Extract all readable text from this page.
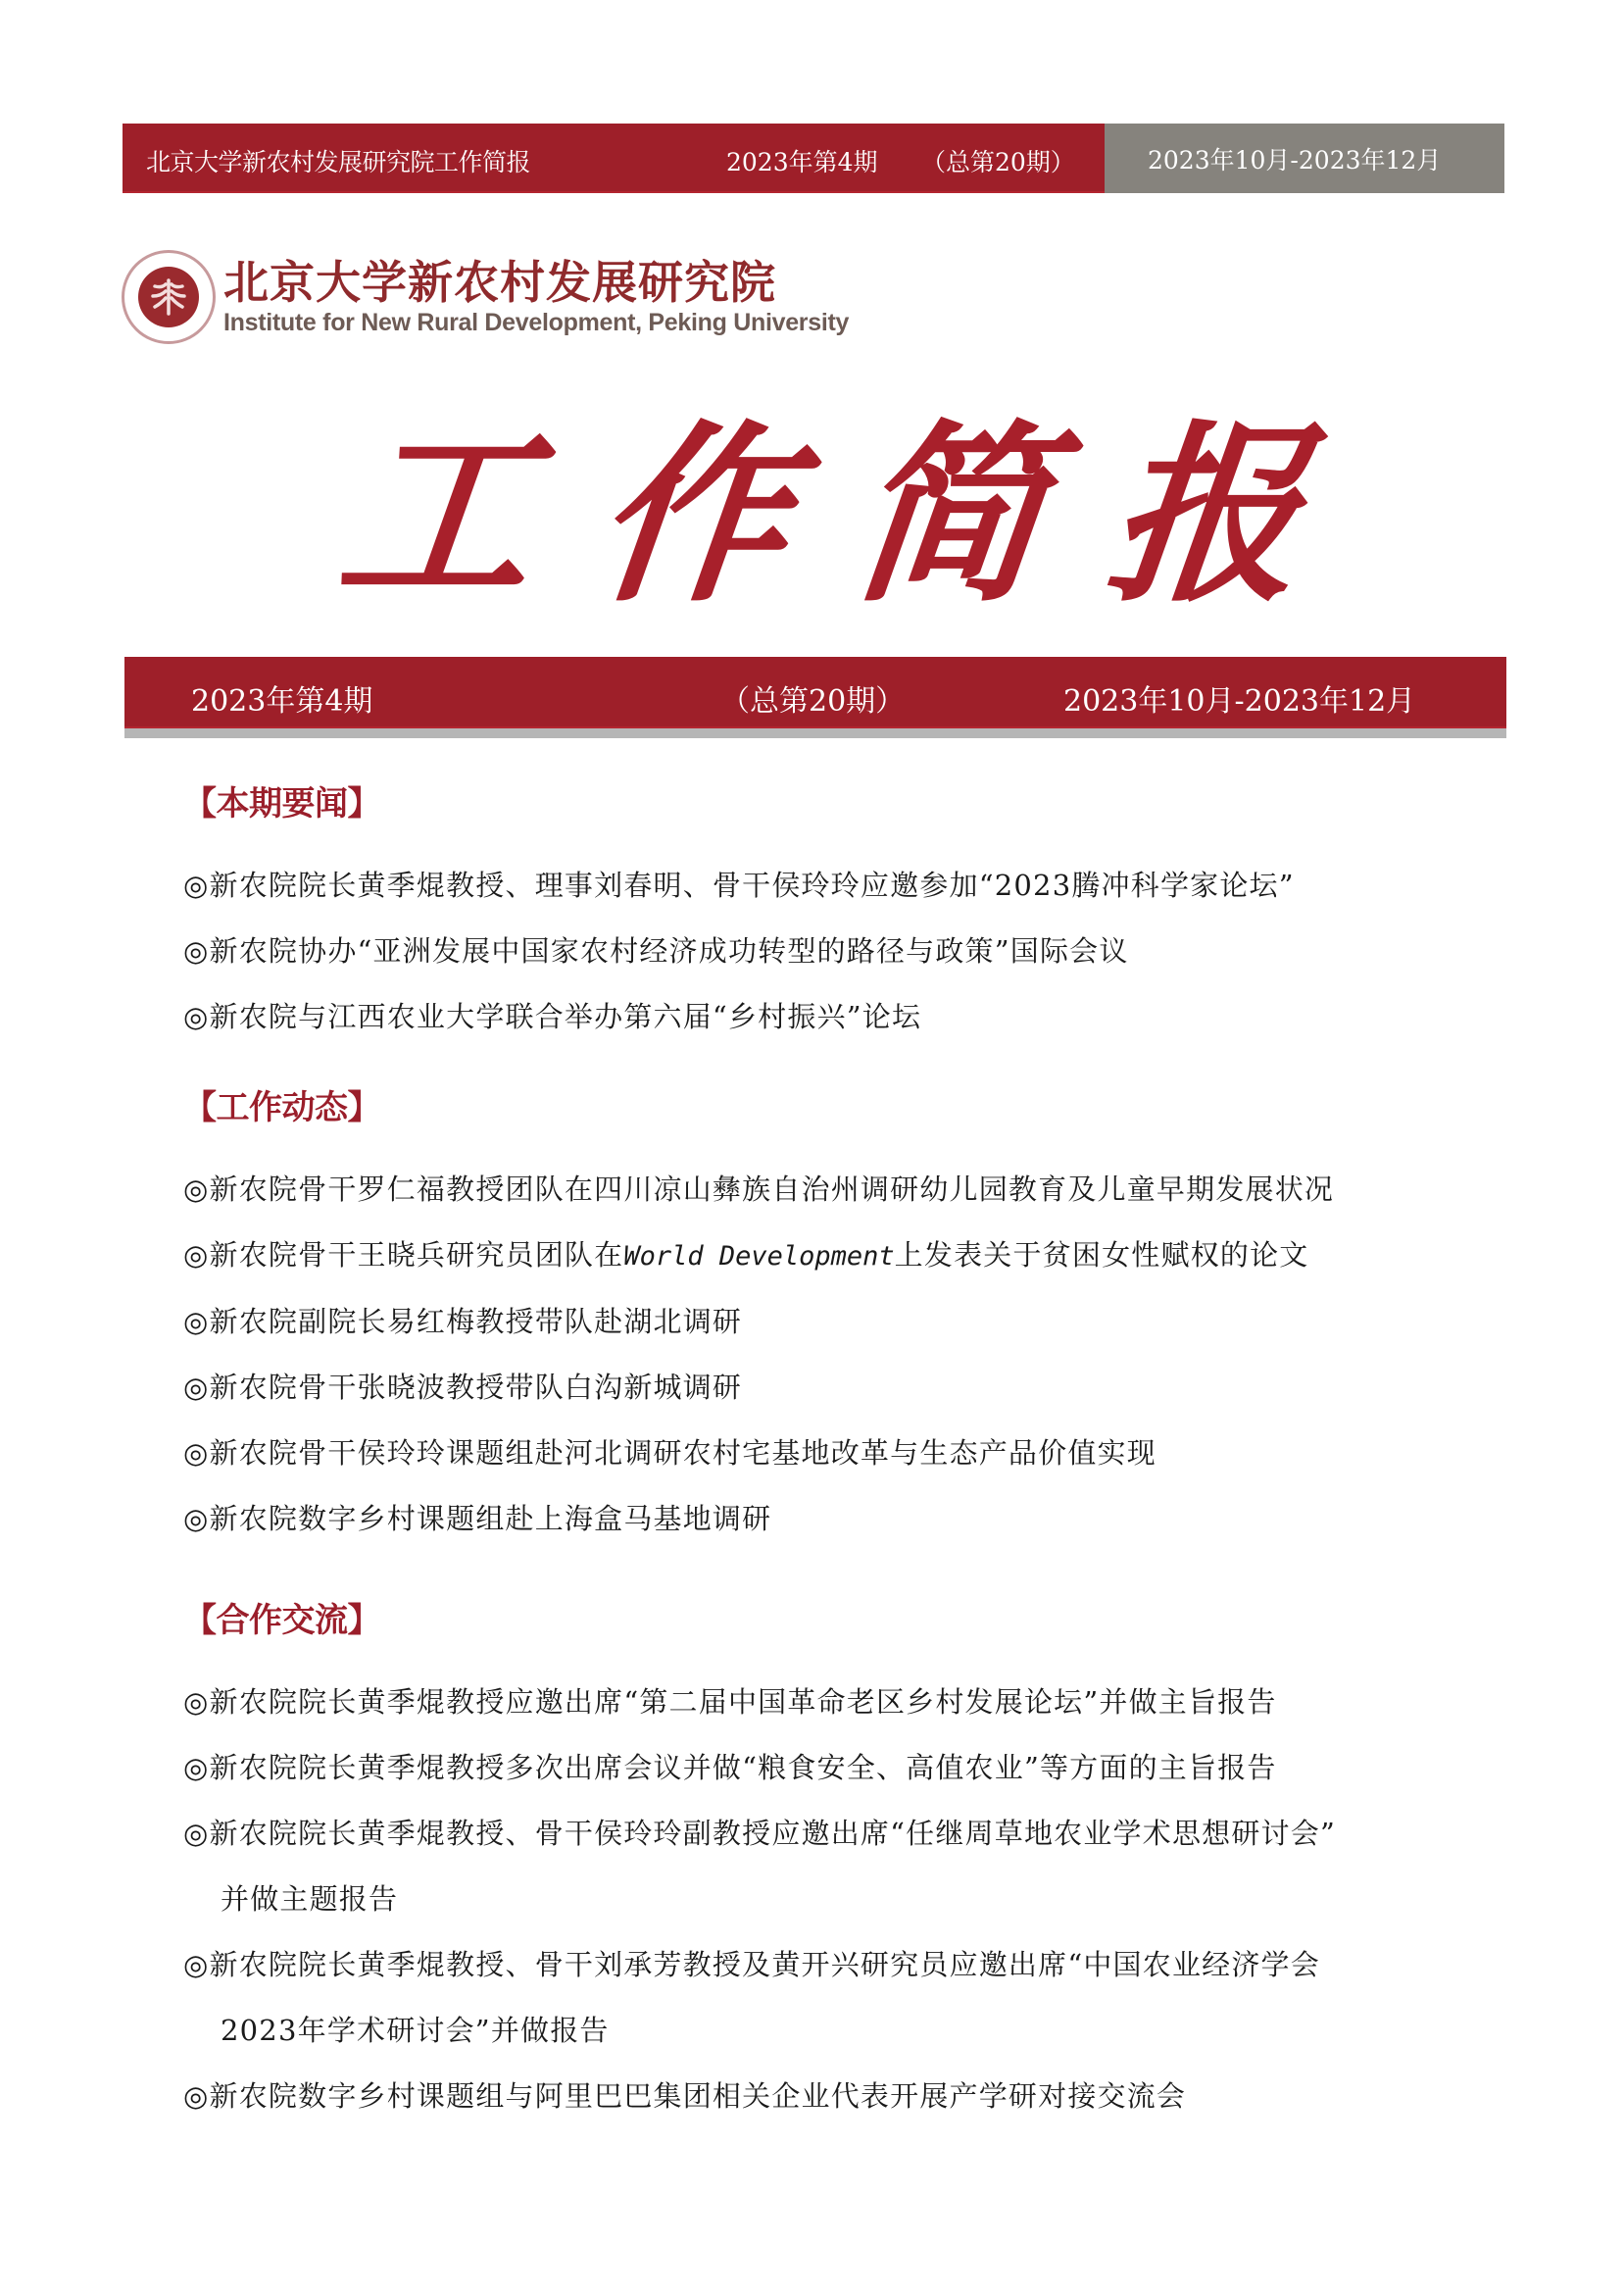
北京大学新农村发展研究院工作简报	2023年第4期 （总第20期）	2023年10月-2023年12月
北京大学新农村发展研究院
Institute for New Rural Development, Peking University
工 作 简 报
2023年第4期	（总第20期）	2023年10月-2023年12月
【本期要闻】
◎新农院院长黄季焜教授、理事刘春明、骨干侯玲玲应邀参加“2023腾冲科学家论坛”
◎新农院协办“亚洲发展中国家农村经济成功转型的路径与政策”国际会议
◎新农院与江西农业大学联合举办第六届“乡村振兴”论坛
【工作动态】
◎新农院骨干罗仁福教授团队在四川凉山彝族自治州调研幼儿园教育及儿童早期发展状况
◎新农院骨干王晓兵研究员团队在World Development上发表关于贫困女性赋权的论文
◎新农院副院长易红梅教授带队赴湖北调研
◎新农院骨干张晓波教授带队白沟新城调研
◎新农院骨干侯玲玲课题组赴河北调研农村宅基地改革与生态产品价值实现
◎新农院数字乡村课题组赴上海盒马基地调研
【合作交流】
◎新农院院长黄季焜教授应邀出席“第二届中国革命老区乡村发展论坛”并做主旨报告
◎新农院院长黄季焜教授多次出席会议并做“粮食安全、高值农业”等方面的主旨报告
◎新农院院长黄季焜教授、骨干侯玲玲副教授应邀出席“任继周草地农业学术思想研讨会”
并做主题报告
◎新农院院长黄季焜教授、骨干刘承芳教授及黄开兴研究员应邀出席“中国农业经济学会
2023年学术研讨会”并做报告
◎新农院数字乡村课题组与阿里巴巴集团相关企业代表开展产学研对接交流会
